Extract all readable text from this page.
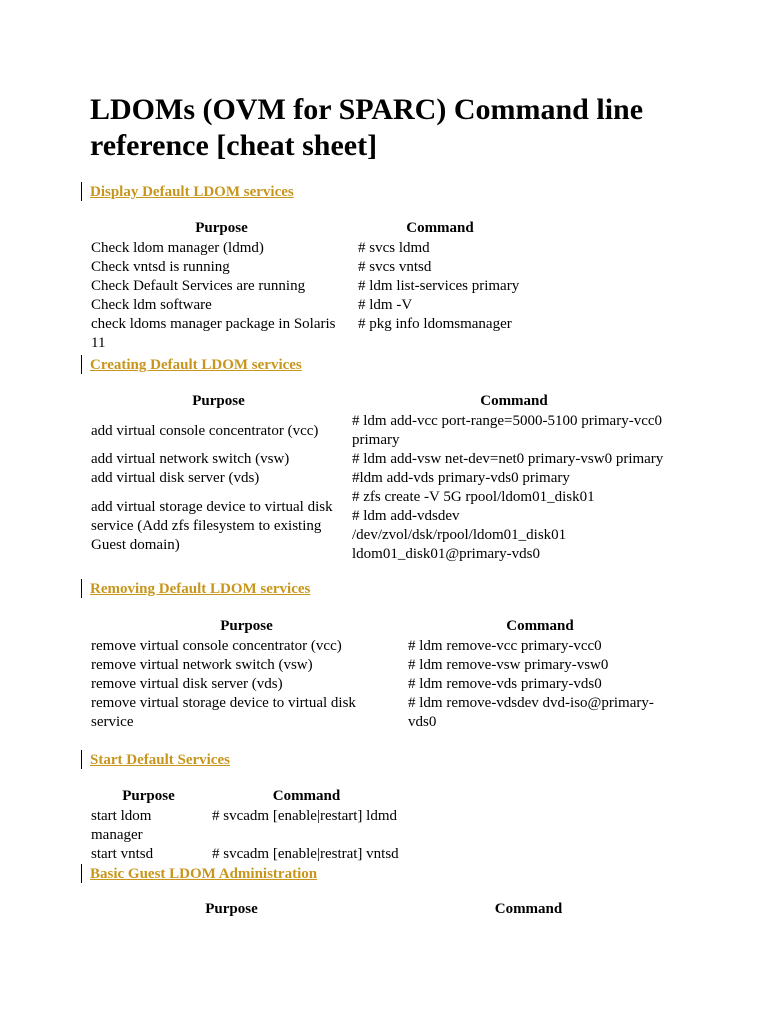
LDOMs (OVM for SPARC) Command line reference [cheat sheet]
Display Default LDOM services
Purpose	Command
Check ldom manager (ldmd)	# svcs ldmd
Check vntsd is running	# svcs vntsd
Check Default Services are running	# ldm list-services primary
Check ldm software	# ldm -V
check ldoms manager package in Solaris 11	# pkg info ldomsmanager
Creating Default LDOM services
Purpose	Command
add virtual console concentrator (vcc)	# ldm add-vcc port-range=5000-5100 primary-vcc0 primary
add virtual network switch (vsw)	# ldm add-vsw net-dev=net0 primary-vsw0 primary
add virtual disk server (vds)	#ldm add-vds primary-vds0 primary
add virtual storage device to virtual disk service (Add zfs filesystem to existing Guest domain)	# zfs create -V 5G rpool/ldom01_disk01
# ldm add-vdsdev /dev/zvol/dsk/rpool/ldom01_disk01 ldom01_disk01@primary-vds0
Removing Default LDOM services
Purpose	Command
remove virtual console concentrator (vcc)	# ldm remove-vcc primary-vcc0
remove virtual network switch (vsw)	# ldm remove-vsw primary-vsw0
remove virtual disk server (vds)	# ldm remove-vds primary-vds0
remove virtual storage device to virtual disk service	# ldm remove-vdsdev dvd-iso@primary-vds0
Start Default Services
Purpose	Command
start ldom manager	# svcadm [enable|restart] ldmd
start vntsd	# svcadm [enable|restrat] vntsd
Basic Guest LDOM Administration
Purpose	Command
